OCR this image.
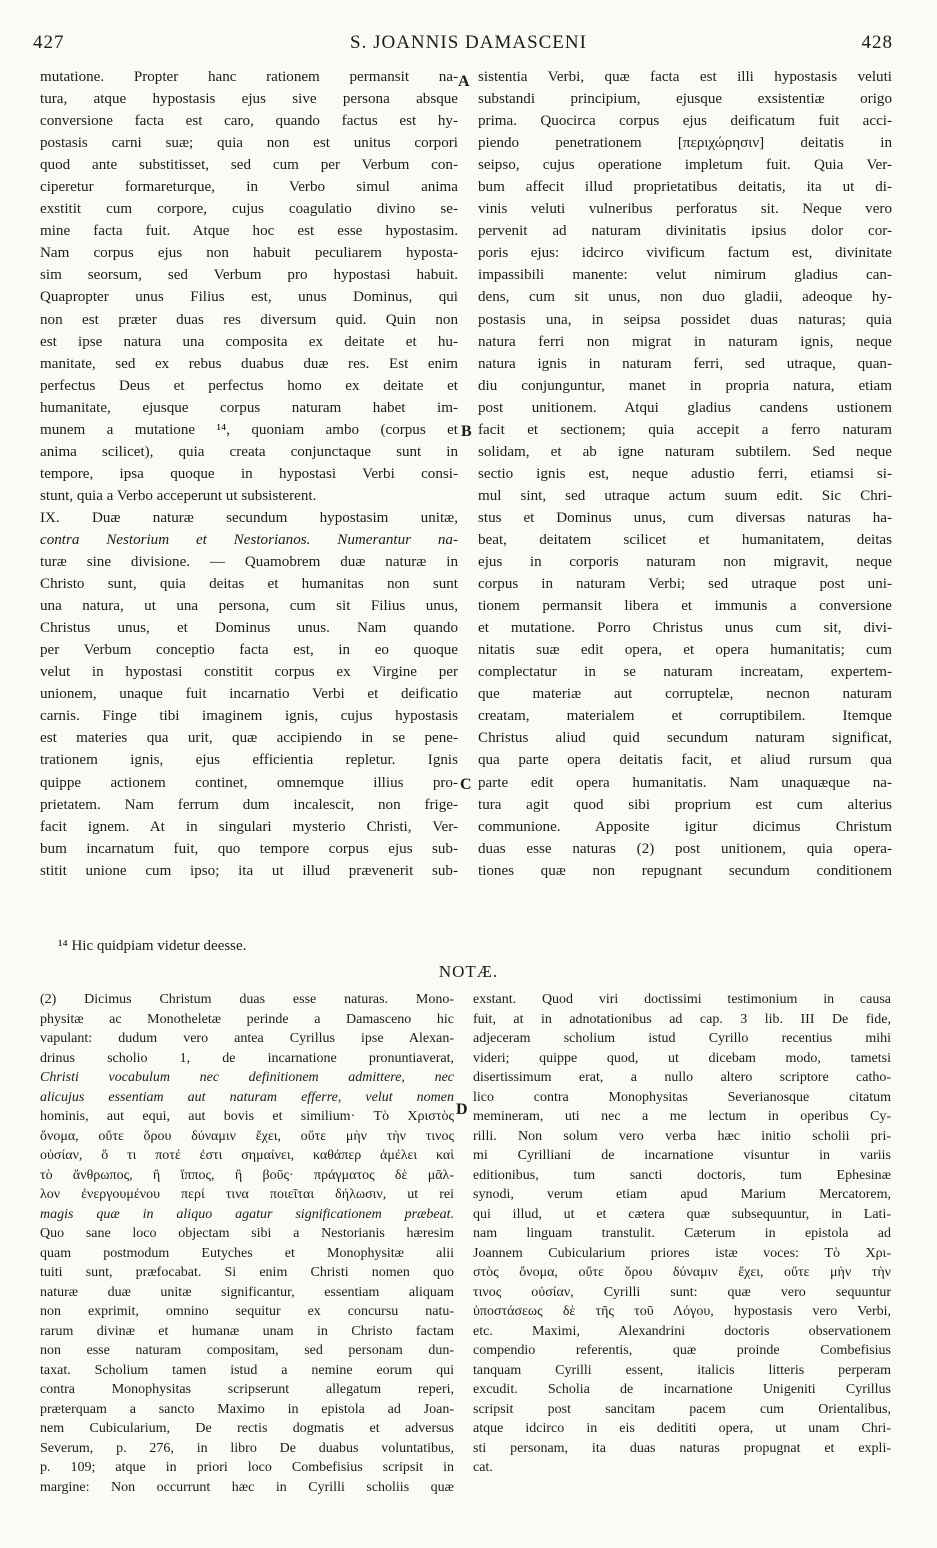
427	S. JOANNIS DAMASCENI	428
mutatione. Propter hanc rationem permansit na-
tura, atque hypostasis ejus sive persona absque
conversione facta est caro, quando factus est hy-
postasis carni suæ; quia non est unitus corpori
quod ante substitisset, sed cum per Verbum con-
ciperetur formareturque, in Verbo simul anima
exstitit cum corpore, cujus coagulatio divino se-
mine facta fuit. Atque hoc est esse hypostasim.
Nam corpus ejus non habuit peculiarem hyposta-
sim seorsum, sed Verbum pro hypostasi habuit.
Quapropter unus Filius est, unus Dominus, qui
non est præter duas res diversum quid. Quin non
est ipse natura una composita ex deitate et hu-
manitate, sed ex rebus duabus duæ res. Est enim
perfectus Deus et perfectus homo ex deitate et
humanitate, ejusque corpus naturam habet im-
munem a mutatione ¹⁴, quoniam ambo (corpus et
anima scilicet), quia creata conjunctaque sunt in
tempore, ipsa quoque in hypostasi Verbi consi-
stunt, quia a Verbo acceperunt ut subsisterent.
IX. Duæ naturæ secundum hypostasim unitæ,
contra Nestorium et Nestorianos. Numerantur na-
turæ sine divisione. — Quamobrem duæ naturæ in
Christo sunt, quia deitas et humanitas non sunt
una natura, ut una persona, cum sit Filius unus,
Christus unus, et Dominus unus. Nam quando
per Verbum conceptio facta est, in eo quoque
velut in hypostasi constitit corpus ex Virgine per
unionem, unaque fuit incarnatio Verbi et deificatio
carnis. Finge tibi imaginem ignis, cujus hypostasis
est materies qua urit, quæ accipiendo in se pene-
trationem ignis, ejus efficientia repletur. Ignis
quippe actionem continet, omnemque illius pro-
prietatem. Nam ferrum dum incalescit, non frige-
facit ignem. At in singulari mysterio Christi, Ver-
bum incarnatum fuit, quo tempore corpus ejus sub-
stitit unione cum ipso; ita ut illud prævenerit sub-
sistentia Verbi, quæ facta est illi hypostasis veluti
substandi principium, ejusque exsistentiæ origo
prima. Quocirca corpus ejus deificatum fuit acci-
piendo penetrationem [περιχώρησιν] deitatis in
seipso, cujus operatione impletum fuit. Quia Ver-
bum affecit illud proprietatibus deitatis, ita ut di-
vinis veluti vulneribus perforatus sit. Neque vero
pervenit ad naturam divinitatis ipsius dolor cor-
poris ejus: idcirco vivificum factum est, divinitate
impassibili manente: velut nimirum gladius can-
dens, cum sit unus, non duo gladii, adeoque hy-
postasis una, in seipsa possidet duas naturas; quia
natura ferri non migrat in naturam ignis, neque
natura ignis in naturam ferri, sed utraque, quan-
diu conjunguntur, manet in propria natura, etiam
post unitionem. Atqui gladius candens ustionem
facit et sectionem; quia accepit a ferro naturam
solidam, et ab igne naturam subtilem. Sed neque
sectio ignis est, neque adustio ferri, etiamsi si-
mul sint, sed utraque actum suum edit. Sic Chri-
stus et Dominus unus, cum diversas naturas ha-
beat, deitatem scilicet et humanitatem, deitas
ejus in corporis naturam non migravit, neque
corpus in naturam Verbi; sed utraque post uni-
tionem permansit libera et immunis a conversione
et mutatione. Porro Christus unus cum sit, divi-
nitatis suæ edit opera, et opera humanitatis; cum
complectatur in se naturam increatam, expertem-
que materiæ aut corruptelæ, necnon naturam
creatam, materialem et corruptibilem. Itemque
Christus aliud quid secundum naturam significat,
qua parte opera deitatis facit, et aliud rursum qua
parte edit opera humanitatis. Nam unaquæque na-
tura agit quod sibi proprium est cum alterius
communione. Apposite igitur dicimus Christum
duas esse naturas (2) post unitionem, quia opera-
tiones quæ non repugnant secundum conditionem
A
B
C
D
¹⁴ Hic quidpiam videtur deesse.
NOTÆ.
(2) Dicimus Christum duas esse naturas. Mono-
physitæ ac Monotheletæ perinde a Damasceno hic
vapulant: dudum vero antea Cyrillus ipse Alexan-
drinus scholio 1, de incarnatione pronuntiaverat,
Christi vocabulum nec definitionem admittere, nec
alicujus essentiam aut naturam efferre, velut nomen
hominis, aut equi, aut bovis et similium· Τὸ Χριστὸς
ὄνομα, οὔτε ὅρου δύναμιν ἔχει, οὔτε μὴν τὴν τινος
οὐσίαν, ὅ τι ποτέ ἐστι σημαίνει, καθάπερ ἀμέλει καὶ
τὸ ἄνθρωπος, ἢ ἵππος, ἢ βοῦς· πράγματος δὲ μᾶλ-
λον ἐνεργουμένου περί τινα ποιεῖται δήλωσιν, ut rei
magis quæ in aliquo agatur significationem præbeat.
Quo sane loco objectam sibi a Nestorianis hæresim
quam postmodum Eutyches et Monophysitæ alii
tuiti sunt, præfocabat. Si enim Christi nomen quo
naturæ duæ unitæ significantur, essentiam aliquam
non exprimit, omnino sequitur ex concursu natu-
rarum divinæ et humanæ unam in Christo factam
non esse naturam compositam, sed personam dun-
taxat. Scholium tamen istud a nemine eorum qui
contra Monophysitas scripserunt allegatum reperi,
præterquam a sancto Maximo in epistola ad Joan-
nem Cubicularium, De rectis dogmatis et adversus
Severum, p. 276, in libro De duabus voluntatibus,
p. 109; atque in priori loco Combefisius scripsit in
margine: Non occurrunt hæc in Cyrilli scholiis quæ
exstant. Quod viri doctissimi testimonium in causa
fuit, at in adnotationibus ad cap. 3 lib. III De fide,
adjeceram scholium istud Cyrillo recentius mihi
videri; quippe quod, ut dicebam modo, tametsi
disertissimum erat, a nullo altero scriptore catho-
lico contra Monophysitas Severianosque citatum
memineram, uti nec a me lectum in operibus Cy-
rilli. Non solum vero verba hæc initio scholii pri-
mi Cyrilliani de incarnatione visuntur in variis
editionibus, tum sancti doctoris, tum Ephesinæ
synodi, verum etiam apud Marium Mercatorem,
qui illud, ut et cætera quæ subsequuntur, in Lati-
nam linguam transtulit. Cæterum in epistola ad
Joannem Cubicularium priores istæ voces: Τὸ Χρι-
στὸς ὄνομα, οὔτε ὅρου δύναμιν ἔχει, οὔτε μὴν τὴν
τινος οὐσίαν, Cyrilli sunt: quæ vero sequuntur
ὑποστάσεως δὲ τῆς τοῦ Λόγου, hypostasis vero Verbi,
etc. Maximi, Alexandrini doctoris observationem
compendio referentis, quæ proinde Combefisius
tanquam Cyrilli essent, italicis litteris perperam
excudit. Scholia de incarnatione Unigeniti Cyrillus
scripsit post sancitam pacem cum Orientalibus,
atque idcirco in eis dedititi opera, ut unam Chri-
sti personam, ita duas naturas propugnat et expli-
cat.
